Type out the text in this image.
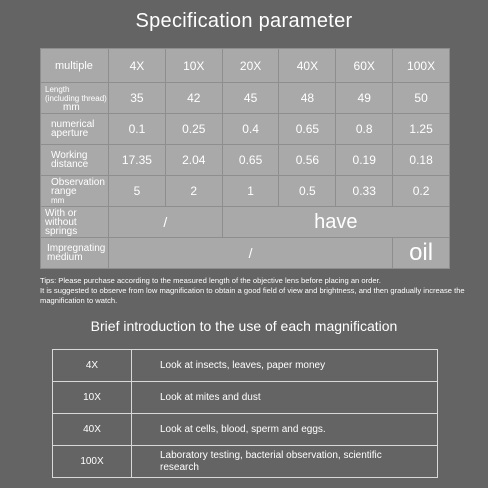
Specification parameter
multiple	4X	10X	20X	40X	60X	100X
Length
(including thread)
mm	35	42	45	48	49	50
numerical
aperture	0.1	0.25	0.4	0.65	0.8	1.25
Working
distance	17.35	2.04	0.65	0.56	0.19	0.18
Observation
range
mm	5	2	1	0.5	0.33	0.2
With or
without springs	/		have			
Impregnating
medium	/					oil
Tips: Please purchase according to the measured length of the objective lens before placing an order.
It is suggested to observe from low magnification to obtain a good field of view and brightness, and then gradually increase the magnification to watch.
Brief introduction to the use of each magnification
4X	Look at insects, leaves, paper money
10X	Look at mites and dust
40X	Look at cells, blood, sperm and eggs.
100X	Laboratory testing, bacterial observation, scientific research
